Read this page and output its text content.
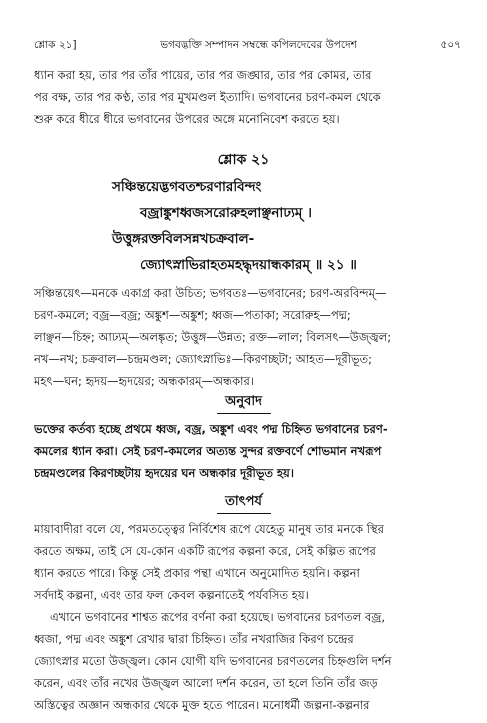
শ্লোক ২১]	ভগবদ্ভক্তি সম্পাদন সম্বন্ধে কপিলদেবের উপদেশ	৫০৭
ধ্যান করা হয়, তার পর তাঁর পায়ের, তার পর জঙ্ঘার, তার পর কোমর, তার
পর বক্ষ, তার পর কণ্ঠ, তার পর মুখমণ্ডল ইত্যাদি। ভগবানের চরণ-কমল থেকে
শুরু করে ধীরে ধীরে ভগবানের উপরের অঙ্গে মনোনিবেশ করতে হয়।
শ্লোক ২১
সঞ্চিন্তয়েদ্ভগবতশ্চরণারবিন্দং
বজ্রাঙ্কুশধ্বজসরোরুহলাঞ্ছনাঢ্যম্ ।
উত্তুঙ্গরক্তবিলসন্নখচক্রবাল-
জ্যোৎস্নাভিরাহতমহদ্ধৃদয়ান্ধকারম্ ॥ ২১ ॥
সঞ্চিন্তয়েৎ—মনকে একাগ্র করা উচিত; ভগবতঃ—ভগবানের; চরণ-অরবিন্দম্—
চরণ-কমলে; বজ্র—বজ্র; অঙ্কুশ—অঙ্কুশ; ধ্বজ—পতাকা; সরোরুহ—পদ্ম;
লাঞ্ছন—চিহ্ন; আঢ্যম্—অলঙ্কৃত; উত্তুঙ্গ—উন্নত; রক্ত—লাল; বিলসৎ—উজ্জ্বল;
নখ—নখ; চক্রবাল—চন্দ্রমণ্ডল; জ্যোৎস্নাভিঃ—কিরণচ্ছটা; আহত—দূরীভূত;
মহৎ—ঘন; হৃদয়—হৃদয়ের; অন্ধকারম্—অন্ধকার।
অনুবাদ
ভক্তের কর্তব্য হচ্ছে প্রথমে ধ্বজ, বজ্র, অঙ্কুশ এবং পদ্ম চিহ্নিত ভগবানের চরণ-
কমলের ধ্যান করা। সেই চরণ-কমলের অত্যন্ত সুন্দর রক্তবর্ণে শোভমান নখরূপ
চন্দ্রমণ্ডলের কিরণচ্ছটায় হৃদয়ের ঘন অন্ধকার দূরীভূত হয়।
তাৎপর্য
মায়াবাদীরা বলে যে, পরমতত্ত্বের নির্বিশেষ রূপে যেহেতু মানুষ তার মনকে স্থির
করতে অক্ষম, তাই সে যে-কোন একটি রূপের কল্পনা করে, সেই কল্পিত রূপের
ধ্যান করতে পারে। কিন্তু সেই প্রকার পন্থা এখানে অনুমোদিত হয়নি। কল্পনা
সর্বদাই কল্পনা, এবং তার ফল কেবল কল্পনাতেই পর্যবসিত হয়।
এখানে ভগবানের শাশ্বত রূপের বর্ণনা করা হয়েছে। ভগবানের চরণতল বজ্র,
ধ্বজা, পদ্ম এবং অঙ্কুশ রেখার দ্বারা চিহ্নিত। তাঁর নখরাজির কিরণ চন্দ্রের
জ্যোৎস্নার মতো উজ্জ্বল। কোন যোগী যদি ভগবানের চরণতলের চিহ্নগুলি দর্শন
করেন, এবং তাঁর নখের উজ্জ্বল আলো দর্শন করেন, তা হলে তিনি তাঁর জড়
অস্তিত্বের অজ্ঞান অন্ধকার থেকে মুক্ত হতে পারেন। মনোধর্মী জল্পনা-কল্পনার
